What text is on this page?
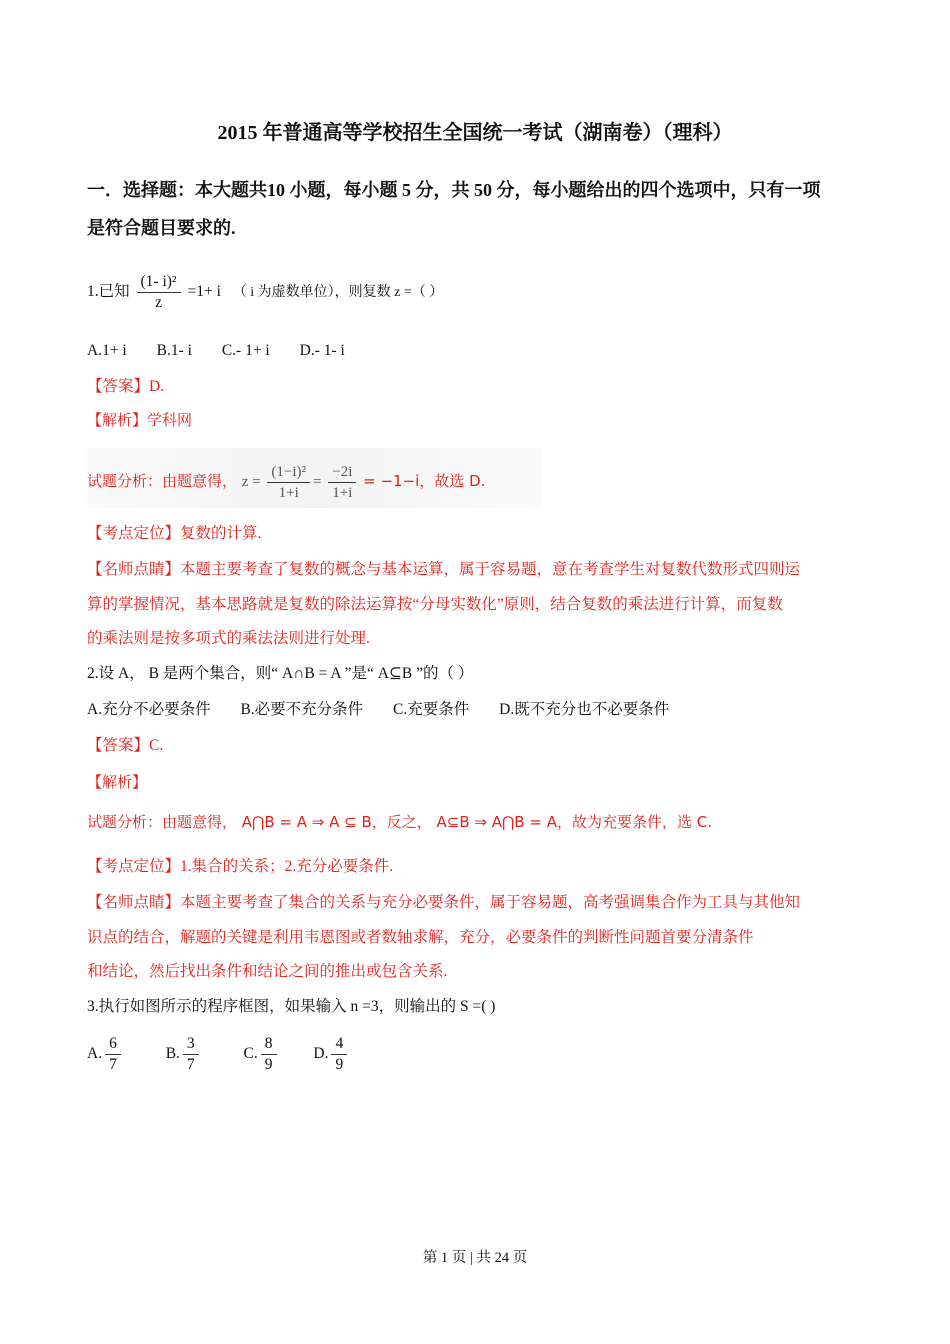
2015 年普通高等学校招生全国统一考试（湖南卷）（理科）
一．选择题：本大题共10 小题，每小题 5 分，共 50 分，每小题给出的四个选项中，只有一项
是符合题目要求的.
1.已知 $\frac{\text{(1- i)²}}{z} =1+ i$ （ i 为虚数单位），则复数 z =（ ）
A.1+ i B.1- i C.- 1+ i D.- 1- i
【答案】D.
【解析】学科网
试题分析：由题意得， $z = \frac{\text{(1−i)²}}{1+i} = \frac{-2i}{1+i} = -1-i$，故选 D.
【考点定位】复数的计算.
【名师点睛】本题主要考查了复数的概念与基本运算，属于容易题，意在考查学生对复数代数形式四则运
算的掌握情况，基本思路就是复数的除法运算按“分母实数化”原则，结合复数的乘法进行计算，而复数
的乘法则是按多项式的乘法法则进行处理.
2.设 A， B 是两个集合，则“ A∩B = A ”是“ A⊆B ”的（ ）
A.充分不必要条件 B.必要不充分条件 C.充要条件 D.既不充分也不必要条件
【答案】C.
【解析】
试题分析：由题意得， A⋂B = A ⇒ A ⊆ B，反之， A⊆B ⇒ A⋂B = A，故为充要条件，选 C.
【考点定位】1.集合的关系；2.充分必要条件.
【名师点睛】本题主要考查了集合的关系与充分必要条件，属于容易题，高考强调集合作为工具与其他知
识点的结合，解题的关键是利用韦恩图或者数轴求解，充分，必要条件的判断性问题首要分清条件
和结论，然后找出条件和结论之间的推出或包含关系.
3.执行如图所示的程序框图，如果输入 n =3，则输出的 S =( )
A. $\frac{6}{7}$	B. $\frac{3}{7}$	C. $\frac{8}{9} D$. $\frac{4}{9}$
第 1 页 | 共 24 页
